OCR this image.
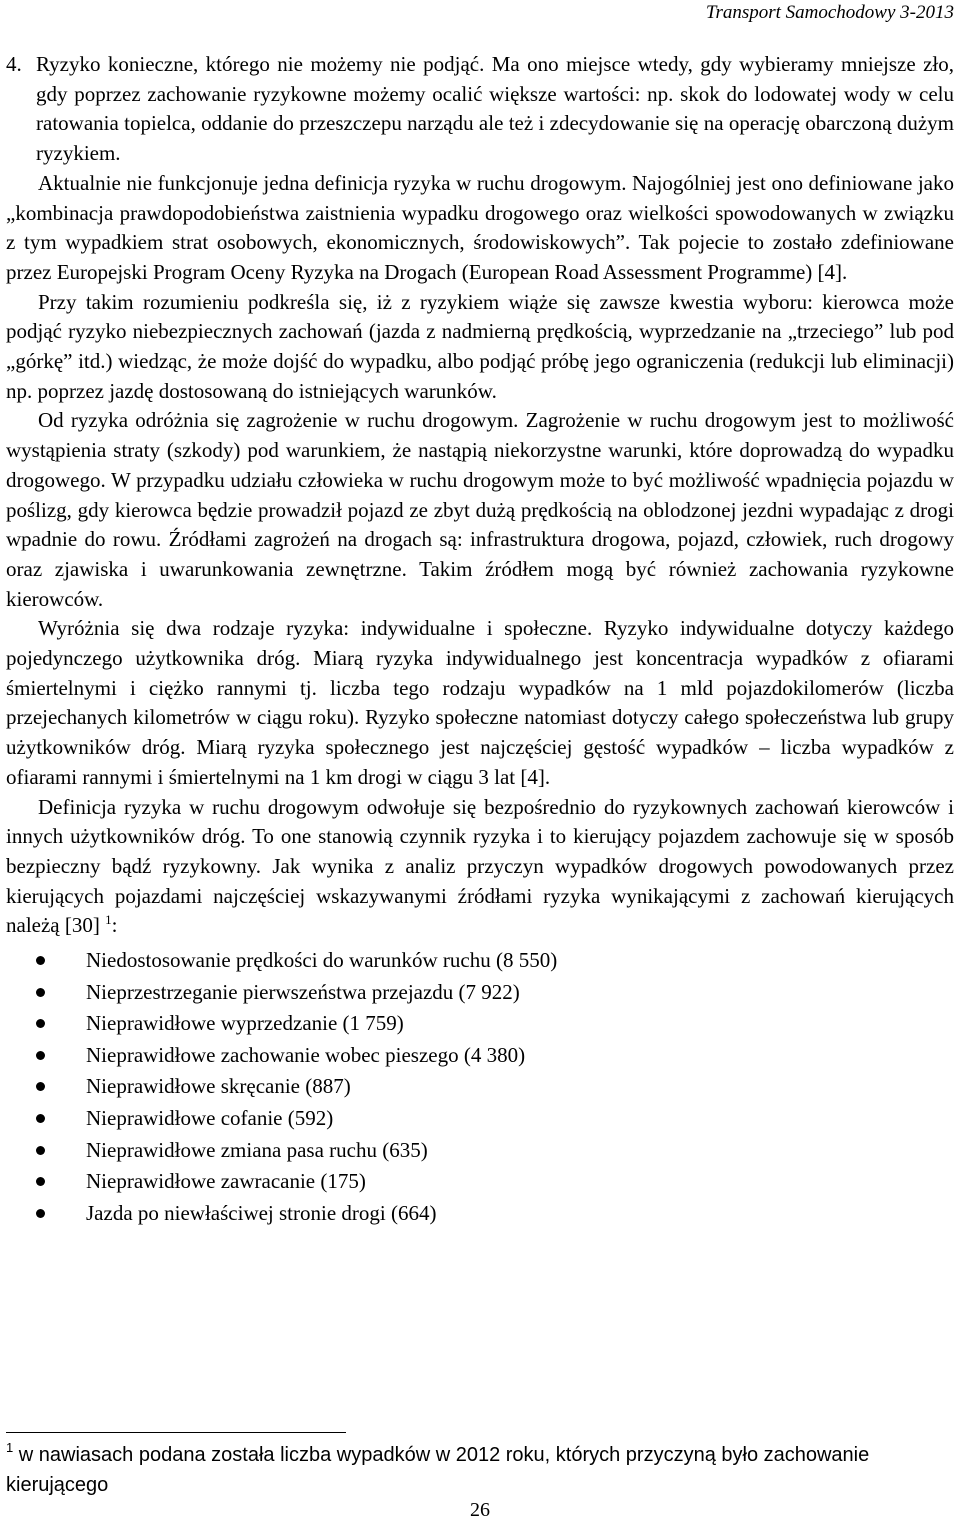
Transport Samochodowy 3-2013

4. Ryzyko konieczne, którego nie możemy nie podjąć. Ma ono miejsce wtedy, gdy wybieramy mniejsze zło, gdy poprzez zachowanie ryzykowne możemy ocalić większe wartości: np. skok do lodowatej wody w celu ratowania topielca, oddanie do przeszczepu narządu ale też i zdecydowanie się na operację obarczoną dużym ryzykiem.

Aktualnie nie funkcjonuje jedna definicja ryzyka w ruchu drogowym. Najogólniej jest ono definiowane jako „kombinacja prawdopodobieństwa zaistnienia wypadku drogowego oraz wielkości spowodowanych w związku z tym wypadkiem strat osobowych, ekonomicznych, środowiskowych”. Tak pojecie to zostało zdefiniowane przez Europejski Program Oceny Ryzyka na Drogach (European Road Assessment Programme) [4].

Przy takim rozumieniu podkreśla się, iż z ryzykiem wiąże się zawsze kwestia wyboru: kierowca może podjąć ryzyko niebezpiecznych zachowań (jazda z nadmierną prędkością, wyprzedzanie na „trzeciego” lub pod „górkę” itd.) wiedząc, że może dojść do wypadku, albo podjąć próbę jego ograniczenia (redukcji lub eliminacji) np. poprzez jazdę dostosowaną do istniejących warunków.

Od ryzyka odróżnia się zagrożenie w ruchu drogowym. Zagrożenie w ruchu drogowym jest to możliwość wystąpienia straty (szkody) pod warunkiem, że nastąpią niekorzystne warunki, które doprowadzą do wypadku drogowego. W przypadku udziału człowieka w ruchu drogowym może to być możliwość wpadnięcia pojazdu w poślizg, gdy kierowca będzie prowadził pojazd ze zbyt dużą prędkością na oblodzonej jezdni wypadając z drogi wpadnie do rowu. Źródłami zagrożeń na drogach są: infrastruktura drogowa, pojazd, człowiek, ruch drogowy oraz zjawiska i uwarunkowania zewnętrzne. Takim źródłem mogą być również zachowania ryzykowne kierowców.

Wyróżnia się dwa rodzaje ryzyka: indywidualne i społeczne. Ryzyko indywidualne dotyczy każdego pojedynczego użytkownika dróg. Miarą ryzyka indywidualnego jest koncentracja wypadków z ofiarami śmiertelnymi i ciężko rannymi tj. liczba tego rodzaju wypadków na 1 mld pojazdokilomerów (liczba przejechanych kilometrów w ciągu roku). Ryzyko społeczne natomiast dotyczy całego społeczeństwa lub grupy użytkowników dróg. Miarą ryzyka społecznego jest najczęściej gęstość wypadków – liczba wypadków z ofiarami rannymi i śmiertelnymi na 1 km drogi w ciągu 3 lat [4].

Definicja ryzyka w ruchu drogowym odwołuje się bezpośrednio do ryzykownych zachowań kierowców i innych użytkowników dróg. To one stanowią czynnik ryzyka i to kierujący pojazdem zachowuje się w sposób bezpieczny bądź ryzykowny. Jak wynika z analiz przyczyn wypadków drogowych powodowanych przez kierujących pojazdami najczęściej wskazywanymi źródłami ryzyka wynikającymi z zachowań kierujących należą [30] $^1$:

Niedostosowanie prędkości do warunków ruchu (8 550)
Nieprzestrzeganie pierwszeństwa przejazdu (7 922)
Nieprawidłowe wyprzedzanie (1 759)
Nieprawidłowe zachowanie wobec pieszego (4 380)
Nieprawidłowe skręcanie (887)
Nieprawidłowe cofanie (592)
Nieprawidłowe zmiana pasa ruchu (635)
Nieprawidłowe zawracanie (175)
Jazda po niewłaściwej stronie drogi (664)
$^1$ w nawiasach podana została liczba wypadków w 2012 roku, których przyczyną było zachowanie kierującego
26
